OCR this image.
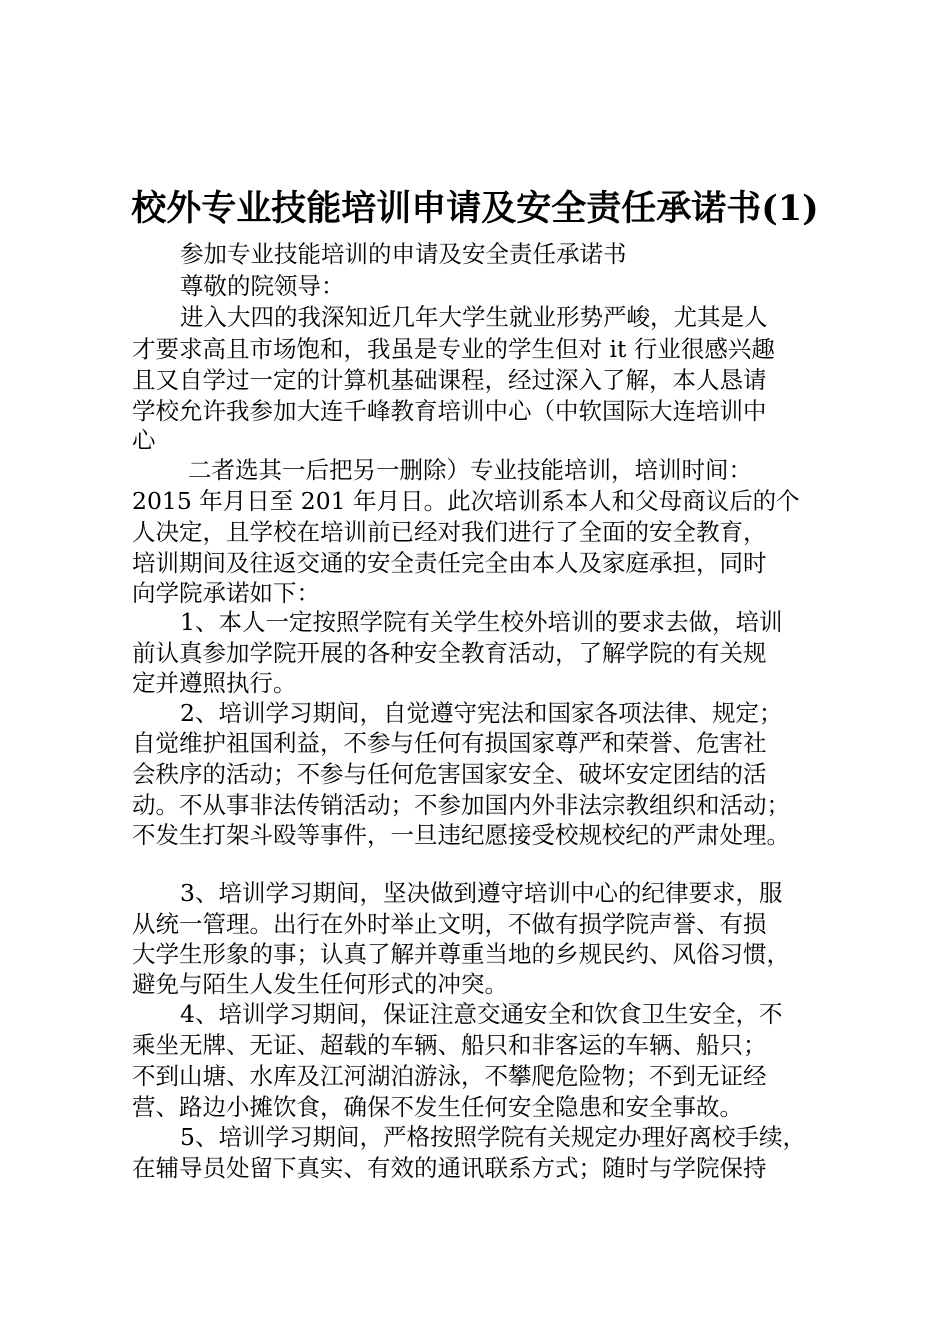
校外专业技能培训申请及安全责任承诺书(1)
参加专业技能培训的申请及安全责任承诺书
尊敬的院领导：
进入大四的我深知近几年大学生就业形势严峻，尤其是人
才要求高且市场饱和，我虽是专业的学生但对 it 行业很感兴趣
且又自学过一定的计算机基础课程，经过深入了解，本人恳请
学校允许我参加大连千峰教育培训中心（中软国际大连培训中
心
二者选其一后把另一删除）专业技能培训，培训时间：
2015 年月日至 201 年月日。此次培训系本人和父母商议后的个
人决定，且学校在培训前已经对我们进行了全面的安全教育，
培训期间及往返交通的安全责任完全由本人及家庭承担，同时
向学院承诺如下：
1、本人一定按照学院有关学生校外培训的要求去做，培训
前认真参加学院开展的各种安全教育活动，了解学院的有关规
定并遵照执行。
2、培训学习期间，自觉遵守宪法和国家各项法律、规定；
自觉维护祖国利益，不参与任何有损国家尊严和荣誉、危害社
会秩序的活动；不参与任何危害国家安全、破坏安定团结的活
动。不从事非法传销活动；不参加国内外非法宗教组织和活动；
不发生打架斗殴等事件，一旦违纪愿接受校规校纪的严肃处理。
3、培训学习期间，坚决做到遵守培训中心的纪律要求，服
从统一管理。出行在外时举止文明，不做有损学院声誉、有损
大学生形象的事；认真了解并尊重当地的乡规民约、风俗习惯，
避免与陌生人发生任何形式的冲突。
4、培训学习期间，保证注意交通安全和饮食卫生安全，不
乘坐无牌、无证、超载的车辆、船只和非客运的车辆、船只；
不到山塘、水库及江河湖泊游泳，不攀爬危险物；不到无证经
营、路边小摊饮食，确保不发生任何安全隐患和安全事故。
5、培训学习期间，严格按照学院有关规定办理好离校手续，
在辅导员处留下真实、有效的通讯联系方式；随时与学院保持
